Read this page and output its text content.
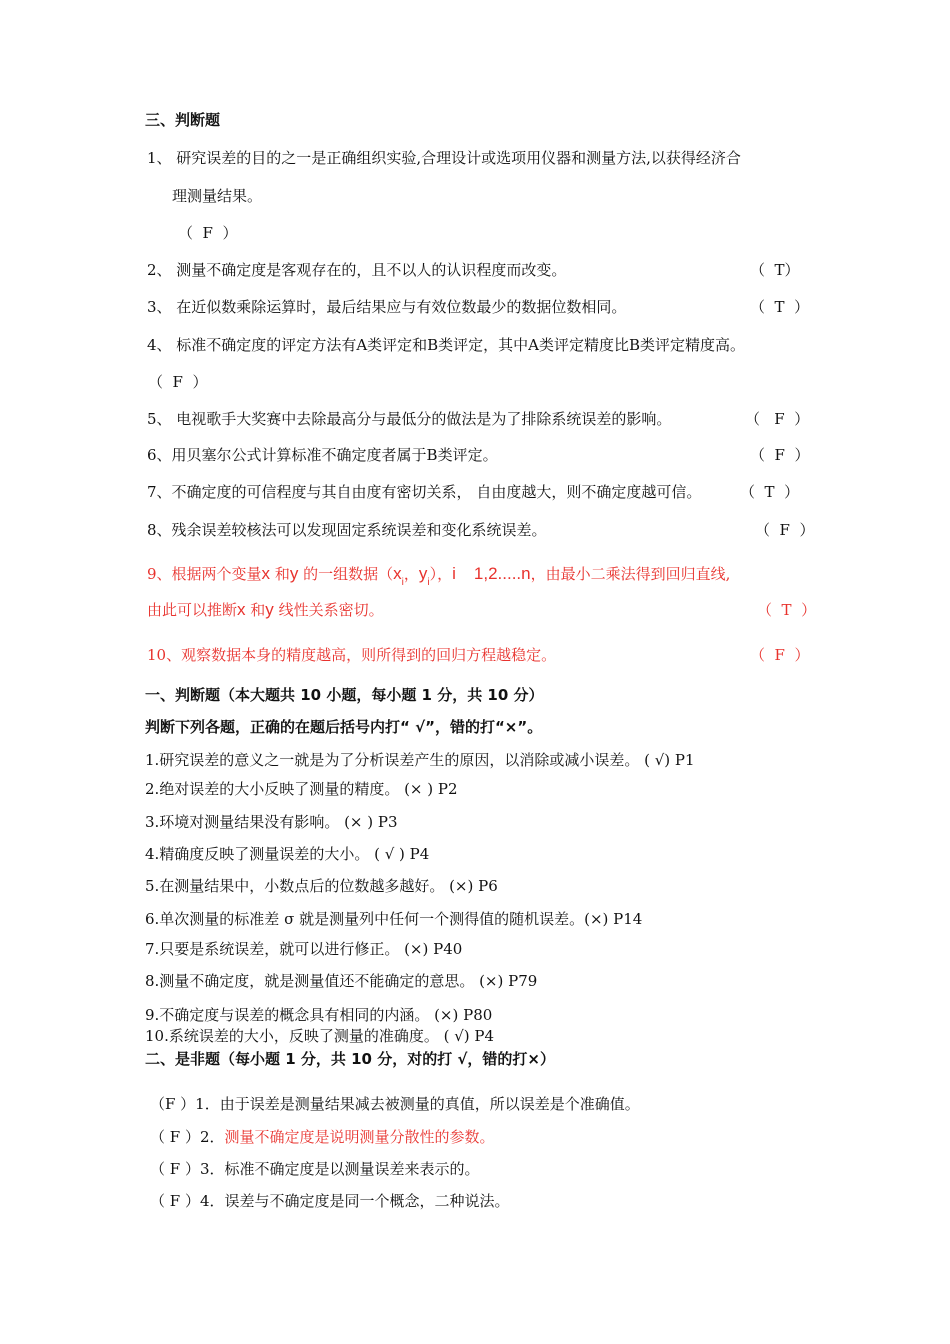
三、判断题
1、 研究误差的目的之一是正确组织实验,合理设计或选项用仪器和测量方法,以获得经济合
理测量结果。
（  F  ）
2、 测量不确定度是客观存在的，且不以人的认识程度而改变。	（  T）
3、 在近似数乘除运算时，最后结果应与有效位数最少的数据位数相同。	（  T  ）
4、 标准不确定度的评定方法有A类评定和B类评定，其中A类评定精度比B类评定精度高。
（  F  ）
5、 电视歌手大奖赛中去除最高分与最低分的做法是为了排除系统误差的影响。	（   F  ）
6、用贝塞尔公式计算标准不确定度者属于B类评定。	（  F  ）
7、不确定度的可信程度与其自由度有密切关系， 自由度越大，则不确定度越可信。	（  T  ）
8、残余误差较核法可以发现固定系统误差和变化系统误差。	（  F  ）
9、根据两个变量x 和y 的一组数据（$x_i$，$y_i$），i 1,2.....n，由最小二乘法得到回归直线,
由此可以推断x 和y 线性关系密切。	（  T  ）
10、观察数据本身的精度越高，则所得到的回归方程越稳定。	（  F  ）
一、判断题（本大题共 10 小题，每小题 1 分，共 10 分）
判断下列各题，正确的在题后括号内打“ √”，错的打“×”。
1.研究误差的意义之一就是为了分析误差产生的原因，以消除或减小误差。 ( √) P1
2.绝对误差的大小反映了测量的精度。 (× ) P2
3.环境对测量结果没有影响。 (× ) P3
4.精确度反映了测量误差的大小。 ( √ ) P4
5.在测量结果中，小数点后的位数越多越好。 (×) P6
6.单次测量的标准差 σ 就是测量列中任何一个测得值的随机误差。(×) P14
7.只要是系统误差，就可以进行修正。 (×) P40
8.测量不确定度，就是测量值还不能确定的意思。 (×) P79
9.不确定度与误差的概念具有相同的内涵。 (×) P80
10.系统误差的大小，反映了测量的准确度。 ( √) P4
二、是非题（每小题 1 分，共 10 分，对的打 √，错的打×）
（F ）1．由于误差是测量结果减去被测量的真值，所以误差是个准确值。
（ F ）2．测量不确定度是说明测量分散性的参数。
（ F ）3．标准不确定度是以测量误差来表示的。
（ F ）4．误差与不确定度是同一个概念，二种说法。
